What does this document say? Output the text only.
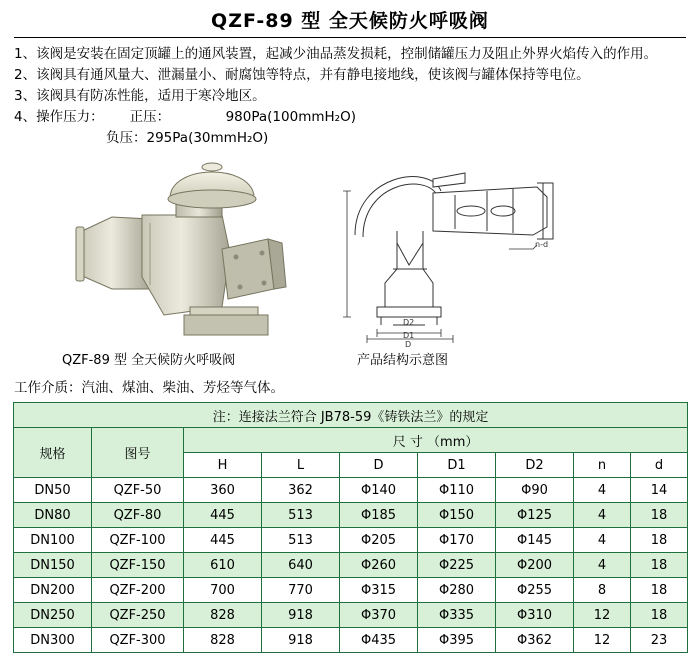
QZF-89 型 全天候防火呼吸阀
1、该阀是安装在固定顶罐上的通风装置，起减少油品蒸发损耗，控制储罐压力及阻止外界火焰传入的作用。
2、该阀具有通风量大、泄漏量小、耐腐蚀等特点，并有静电接地线，使该阀与罐体保持等电位。
3、该阀具有防冻性能，适用于寒冷地区。
4、操作压力： 正压：	980Pa(100mmH₂O)
负压：295Pa(30mmH₂O)
n-d
D2
D1
D
QZF-89 型 全天候防火呼吸阀	产品结构示意图
工作介质：汽油、煤油、柴油、芳烃等气体。
注：连接法兰符合 JB78-59《铸铁法兰》的规定								
规格	图号	尺 寸 （mm）						
		H	L	D	D1	D2	n	d
DN50	QZF-50	360	362	Φ140	Φ110	Φ90	4	14
DN80	QZF-80	445	513	Φ185	Φ150	Φ125	4	18
DN100	QZF-100	445	513	Φ205	Φ170	Φ145	4	18
DN150	QZF-150	610	640	Φ260	Φ225	Φ200	4	18
DN200	QZF-200	700	770	Φ315	Φ280	Φ255	8	18
DN250	QZF-250	828	918	Φ370	Φ335	Φ310	12	18
DN300	QZF-300	828	918	Φ435	Φ395	Φ362	12	23
